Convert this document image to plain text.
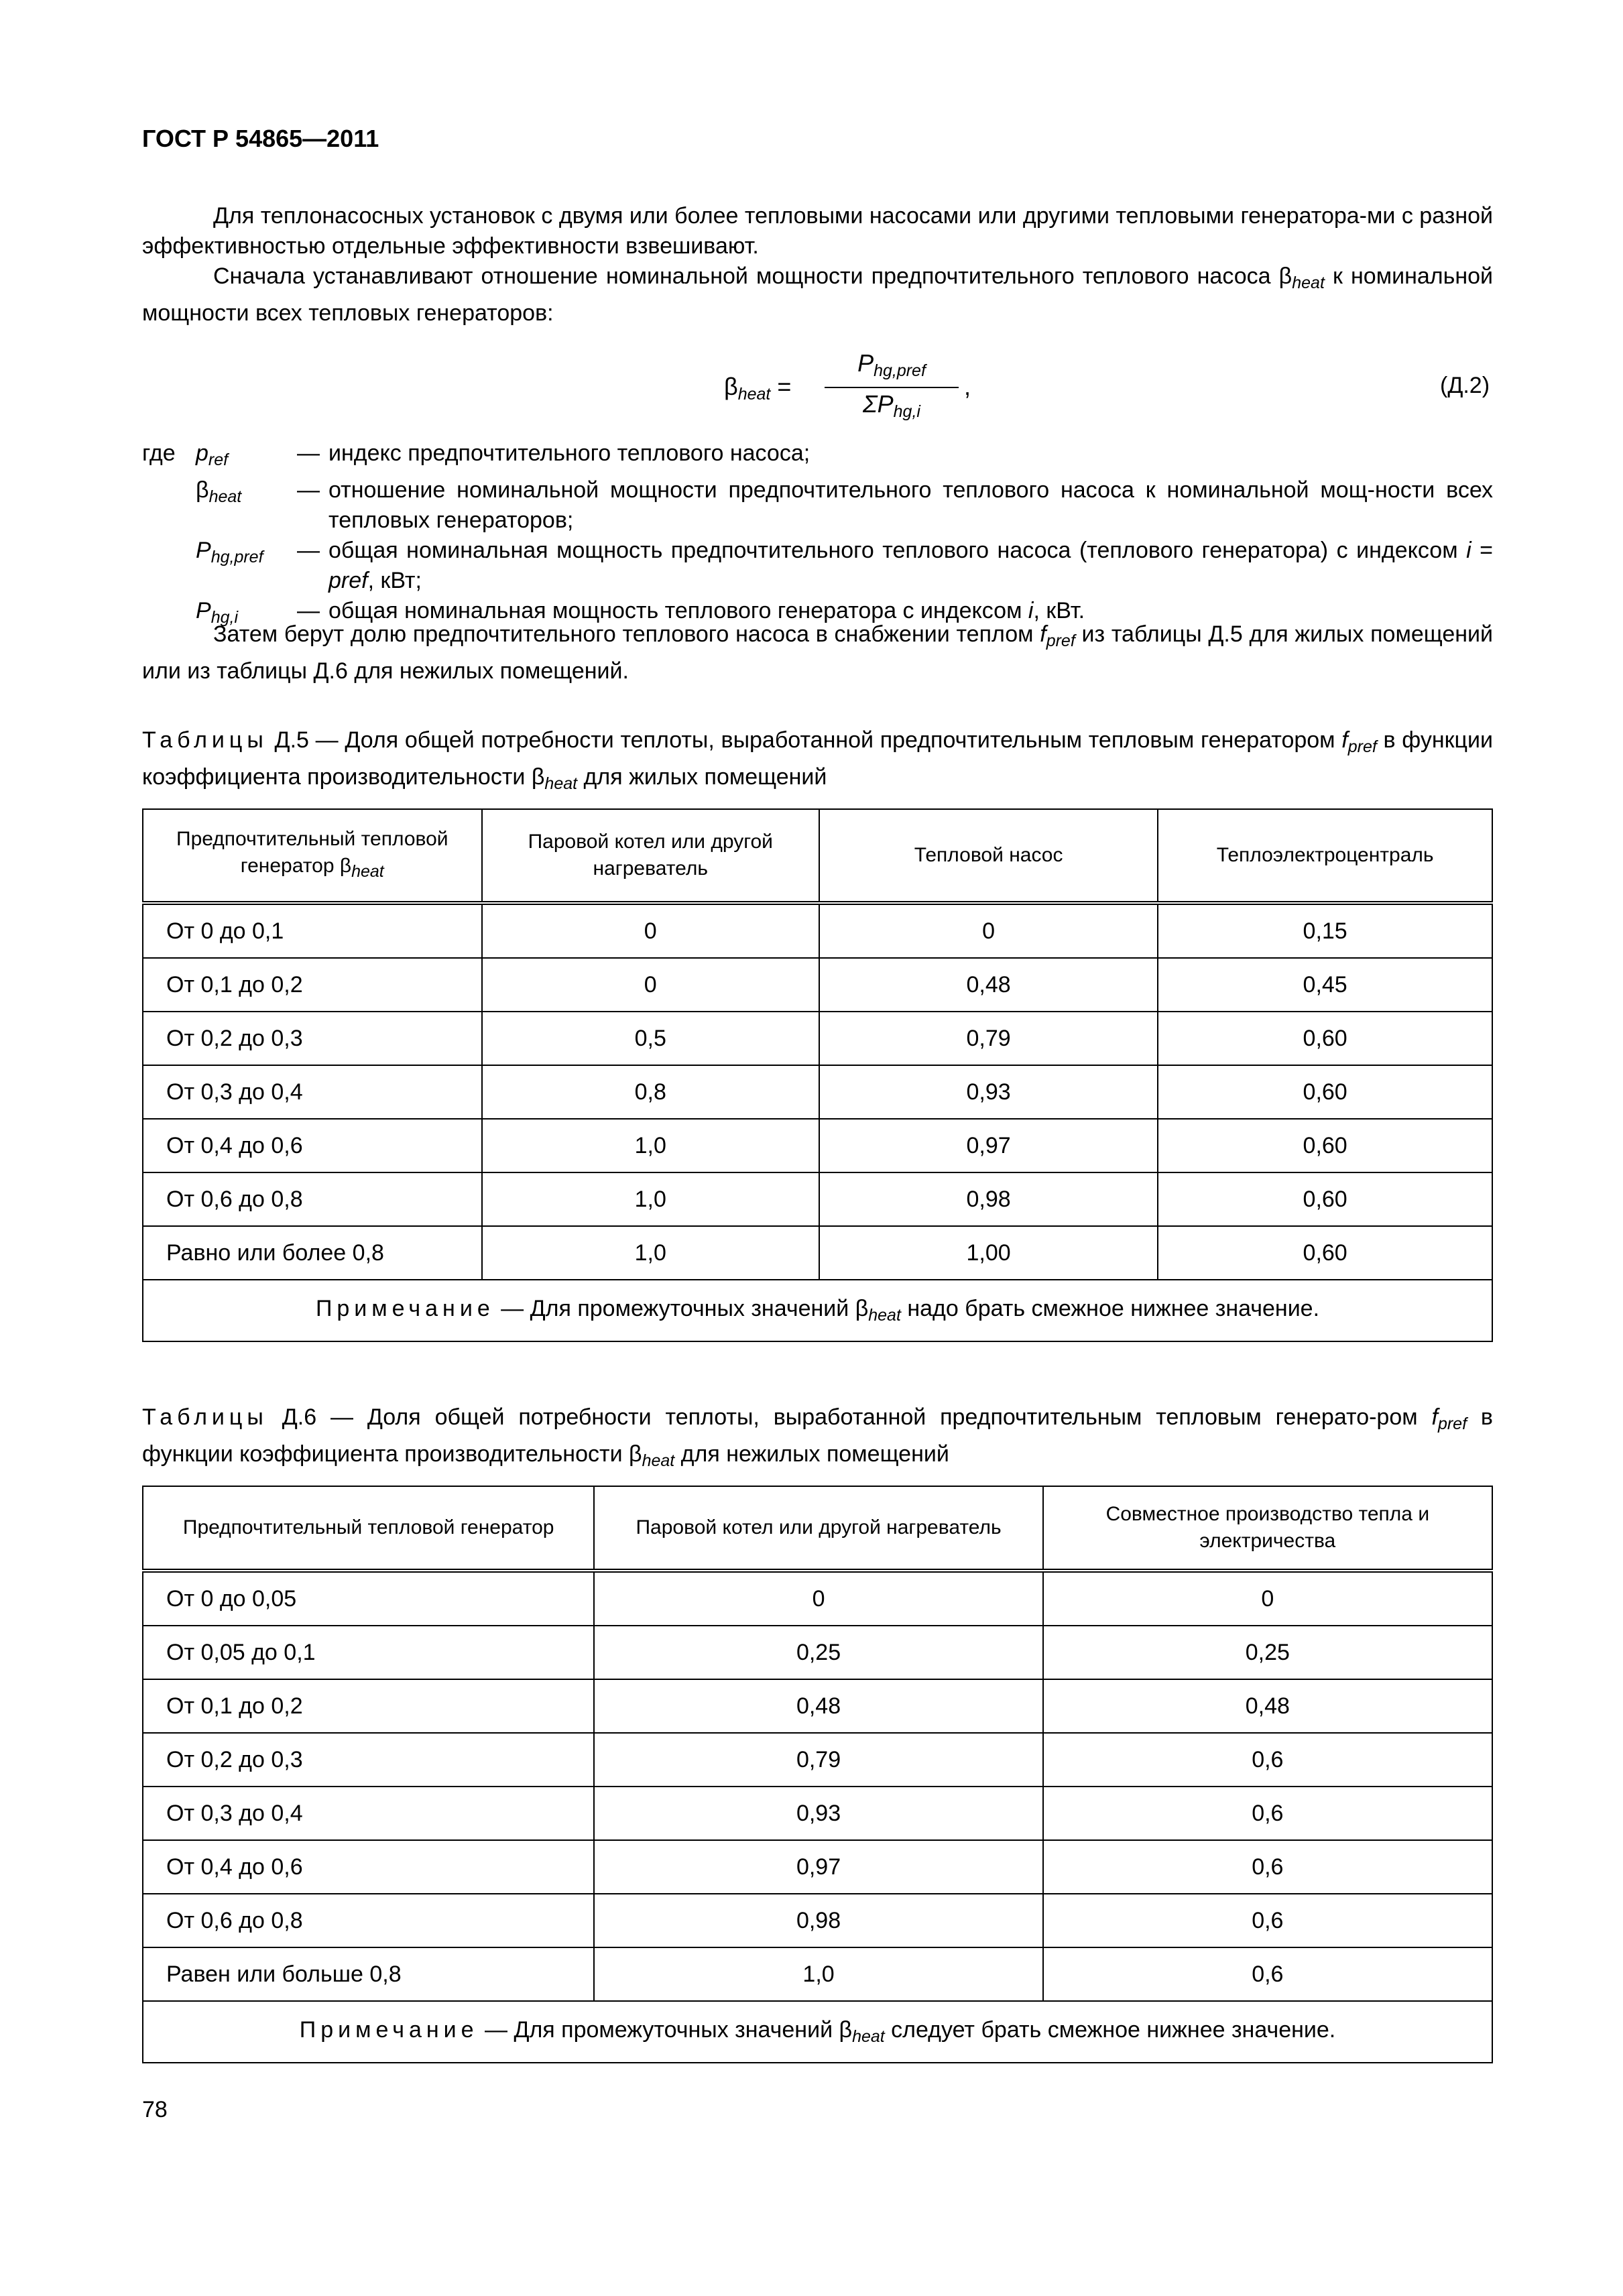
ГОСТ Р 54865—2011
Для теплонасосных установок с двумя или более тепловыми насосами или другими тепловыми генератора-ми с разной эффективностью отдельные эффективности взвешивают.
Сначала устанавливают отношение номинальной мощности предпочтительного теплового насоса $\beta_{heat}$ к номинальной мощности всех тепловых генераторов:
$\beta_{heat}$ =
$P_{hg,pref}$
$\Sigma P_{hg,i}$
,	(Д.2)
где $p_{ref}$	— индекс предпочтительного теплового насоса;
$\beta_{heat}$	— отношение номинальной мощности предпочтительного теплового насоса к номинальной мощ-ности всех тепловых генераторов;
$P_{hg,pref}$	— общая номинальная мощность предпочтительного теплового насоса (теплового генератора) с индексом i = pref, кВт;
$P_{hg,i}$	— общая номинальная мощность теплового генератора с индексом i, кВт.
Затем берут долю предпочтительного теплового насоса в снабжении теплом $f_{pref}$ из таблицы Д.5 для жилых помещений или из таблицы Д.6 для нежилых помещений.
Таблицы Д.5 — Доля общей потребности теплоты, выработанной предпочтительным тепловым генератором $f_{pref}$ в функции коэффициента производительности $\beta_{heat}$ для жилых помещений
Предпочтительный тепловой генератор $\beta_{heat}$	Паровой котел или другой нагреватель	Тепловой насос	Теплоэлектроцентраль
От 0 до 0,1	0	0	0,15
От 0,1 до 0,2	0	0,48	0,45
От 0,2 до 0,3	0,5	0,79	0,60
От 0,3 до 0,4	0,8	0,93	0,60
От 0,4 до 0,6	1,0	0,97	0,60
От 0,6 до 0,8	1,0	0,98	0,60
Равно или более 0,8	1,0	1,00	0,60
Примечание — Для промежуточных значений $\beta_{heat}$ надо брать смежное нижнее значение.			
Таблицы Д.6 — Доля общей потребности теплоты, выработанной предпочтительным тепловым генерато-ром $f_{pref}$ в функции коэффициента производительности $\beta_{heat}$ для нежилых помещений
Предпочтительный тепловой генератор	Паровой котел или другой нагреватель	Совместное производство тепла и электричества
От 0 до 0,05	0	0
От 0,05 до 0,1	0,25	0,25
От 0,1 до 0,2	0,48	0,48
От 0,2 до 0,3	0,79	0,6
От 0,3 до 0,4	0,93	0,6
От 0,4 до 0,6	0,97	0,6
От 0,6 до 0,8	0,98	0,6
Равен или больше 0,8	1,0	0,6
Примечание — Для промежуточных значений $\beta_{heat}$ следует брать смежное нижнее значение.		
78
